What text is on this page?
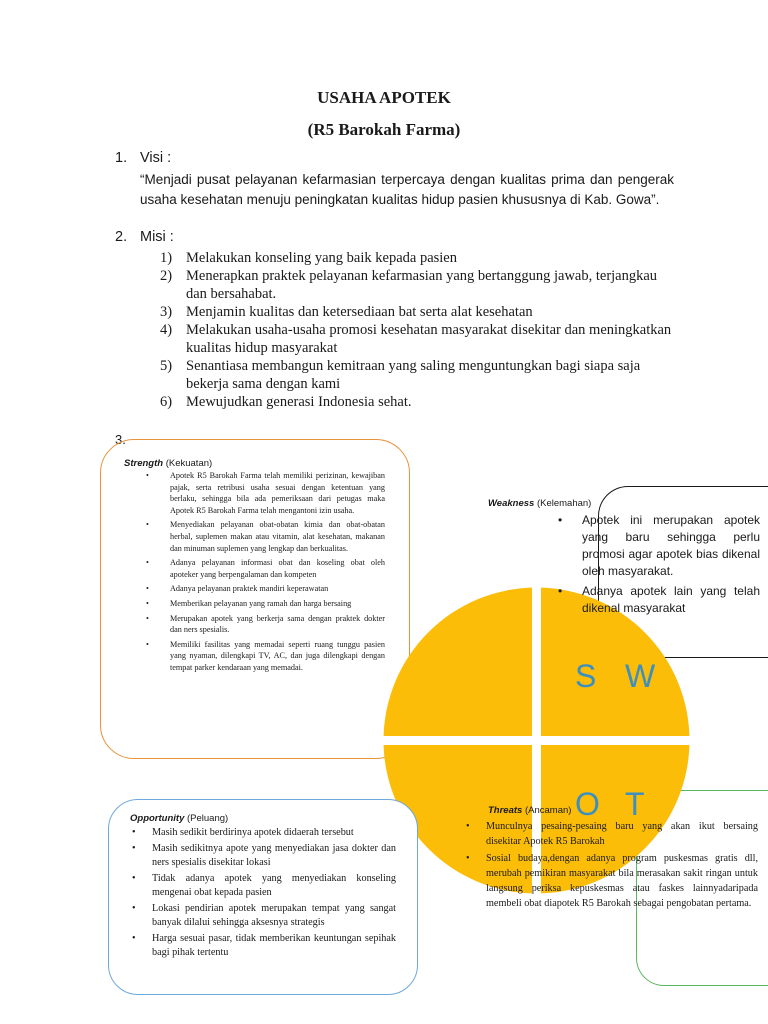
USAHA APOTEK
(R5 Barokah Farma)
1. Visi :
“Menjadi pusat pelayanan kefarmasian terpercaya dengan kualitas prima dan pengerak usaha kesehatan menuju peningkatan kualitas hidup pasien khususnya di Kab. Gowa”.
2. Misi :
1) Melakukan konseling yang baik kepada pasien
2) Menerapkan praktek pelayanan kefarmasian yang bertanggung jawab, terjangkau dan bersahabat.
3) Menjamin kualitas dan ketersediaan bat serta alat kesehatan
4) Melakukan usaha-usaha promosi kesehatan masyarakat disekitar dan meningkatkan kualitas hidup masyarakat
5) Senantiasa membangun kemitraan yang saling menguntungkan bagi siapa saja bekerja sama dengan kami
6) Mewujudkan generasi Indonesia sehat.
3.
S W
O T
Strength (Kekuatan)
• Apotek R5 Barokah Farma telah memiliki perizinan, kewajiban pajak, serta retribusi usaha sesuai dengan ketentuan yang berlaku, sehingga bila ada pemeriksaan dari petugas maka Apotek R5 Barokah Farma telah mengantoni izin usaha.
• Menyediakan pelayanan obat-obatan kimia dan obat-obatan herbal, suplemen makan atau vitamin, alat kesehatan, makanan dan minuman suplemen yang lengkap dan berkualitas.
• Adanya pelayanan informasi obat dan koseling obat oleh apoteker yang berpengalaman dan kompeten
• Adanya pelayanan praktek mandiri keperawatan
• Memberikan pelayanan yang ramah dan harga bersaing
• Merupakan apotek yang berkerja sama dengan praktek dokter dan ners spesialis.
• Memiliki fasilitas yang memadai seperti ruang tunggu pasien yang nyaman, dilengkapi TV, AC, dan juga dilengkapi dengan tempat parker kendaraan yang memadai.
Weakness (Kelemahan)
• Apotek ini merupakan apotek yang baru sehingga perlu promosi agar apotek bias dikenal oleh masyarakat.
• Adanya apotek lain yang telah dikenal masyarakat
Opportunity (Peluang)
• Masih sedikit berdirinya apotek didaerah tersebut
• Masih sedikitnya apote yang menyediakan jasa dokter dan ners spesialis disekitar lokasi
• Tidak adanya apotek yang menyediakan konseling mengenai obat kepada pasien
• Lokasi pendirian apotek merupakan tempat yang sangat banyak dilalui sehingga aksesnya strategis
• Harga sesuai pasar, tidak memberikan keuntungan sepihak bagi pihak tertentu
Threats (Ancaman)
• Munculnya pesaing-pesaing baru yang akan ikut bersaing disekitar Apotek R5 Barokah
• Sosial budaya,dengan adanya program puskesmas gratis dll, merubah pemikiran masyarakat bila merasakan sakit ringan untuk langsung periksa kepuskesmas atau faskes lainnyadaripada membeli obat diapotek R5 Barokah sebagai pengobatan pertama.
